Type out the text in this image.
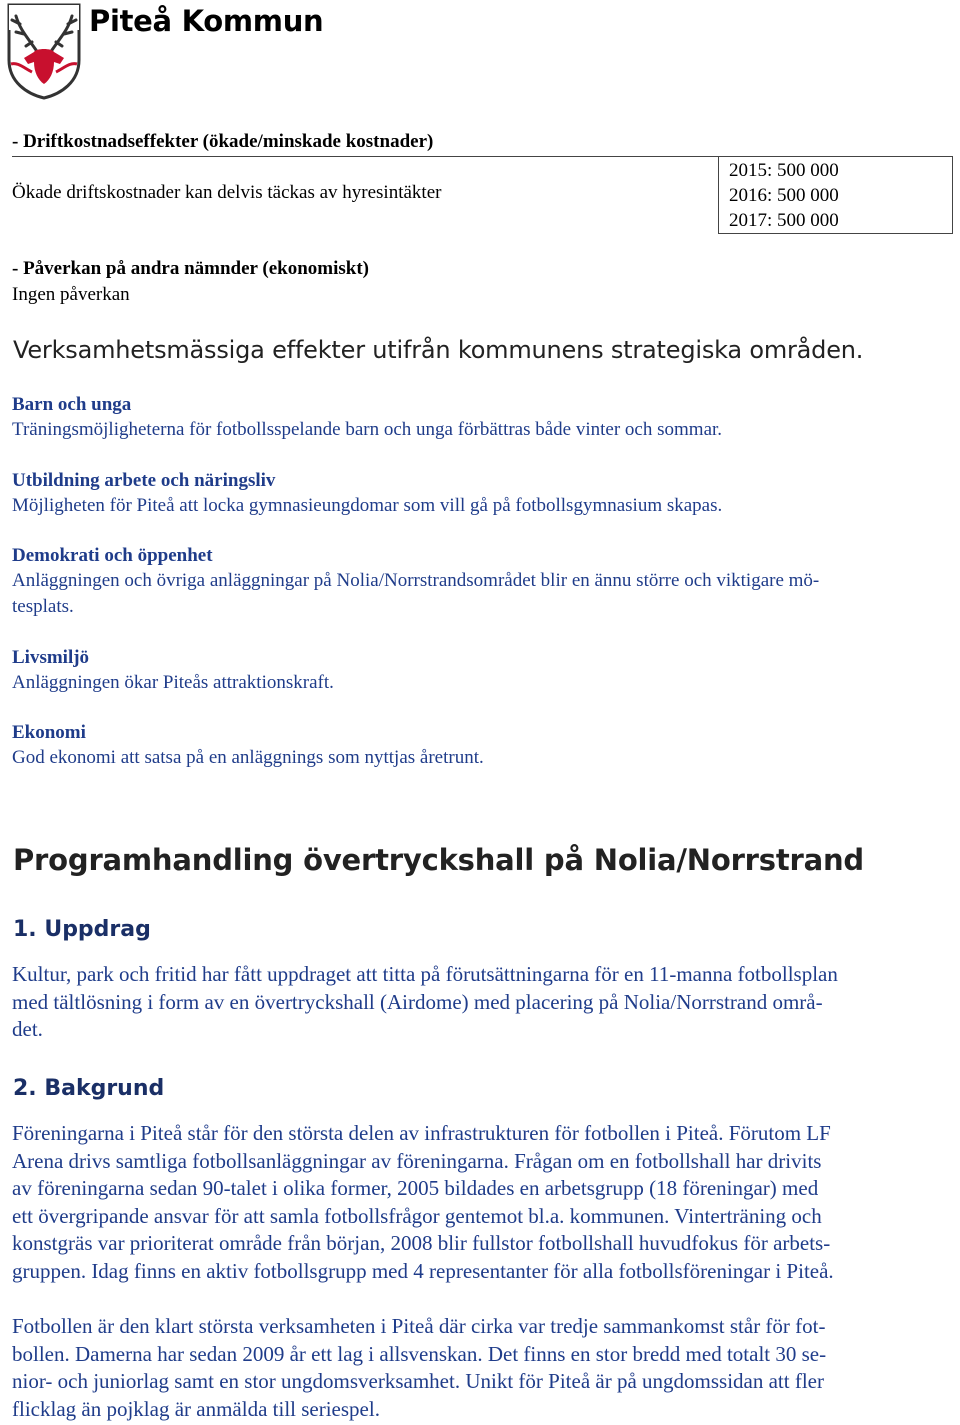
Piteå Kommun
- Driftkostnadseffekter (ökade/minskade kostnader)
Ökade driftskostnader kan delvis täckas av hyresintäkter

2015: 500 000

2016: 500 000

2017: 500 000

- Påverkan på andra nämnder (ekonomiskt)
Ingen påverkan
Verksamhetsmässiga effekter utifrån kommunens strategiska områden.
Barn och unga
Träningsmöjligheterna för fotbollsspelande barn och unga förbättras både vinter och sommar.
Utbildning arbete och näringsliv
Möjligheten för Piteå att locka gymnasieungdomar som vill gå på fotbollsgymnasium skapas.
Demokrati och öppenhet
Anläggningen och övriga anläggningar på Nolia/Norrstrandsområdet blir en ännu större och viktigare mö-
tesplats.
Livsmiljö
Anläggningen ökar Piteås attraktionskraft.
Ekonomi
God ekonomi att satsa på en anläggnings som nyttjas åretrunt.
Programhandling övertryckshall på Nolia/Norrstrand
1. Uppdrag
Kultur, park och fritid har fått uppdraget att titta på förutsättningarna för en 11-manna fotbollsplan
med tältlösning i form av en övertryckshall (Airdome) med placering på Nolia/Norrstrand områ-
det.
2. Bakgrund
Föreningarna i Piteå står för den största delen av infrastrukturen för fotbollen i Piteå. Förutom LF
Arena drivs samtliga fotbollsanläggningar av föreningarna. Frågan om en fotbollshall har drivits
av föreningarna sedan 90-talet i olika former, 2005 bildades en arbetsgrupp (18 föreningar) med
ett övergripande ansvar för att samla fotbollsfrågor gentemot bl.a. kommunen. Vinterträning och
konstgräs var prioriterat område från början, 2008 blir fullstor fotbollshall huvudfokus för arbets-
gruppen. Idag finns en aktiv fotbollsgrupp med 4 representanter för alla fotbollsföreningar i Piteå.
Fotbollen är den klart största verksamheten i Piteå där cirka var tredje sammankomst står för fot-
bollen. Damerna har sedan 2009 år ett lag i allsvenskan. Det finns en stor bredd med totalt 30 se-
nior- och juniorlag samt en stor ungdomsverksamhet. Unikt för Piteå är på ungdomssidan att fler
flicklag än pojklag är anmälda till seriespel.
